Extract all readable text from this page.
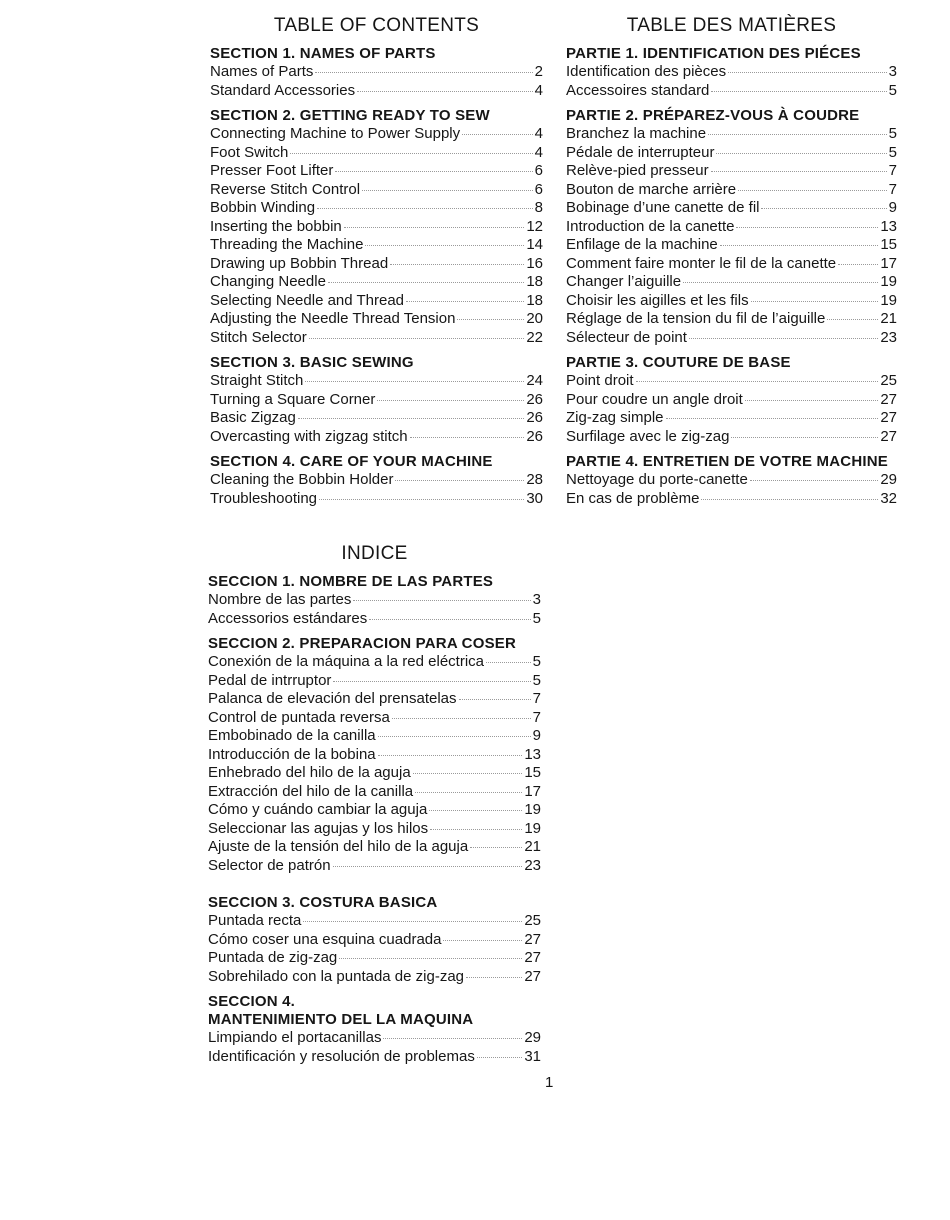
TABLE OF CONTENTS
SECTION 1. NAMES OF PARTS
Names of Parts	2
Standard Accessories	4
SECTION 2. GETTING READY TO SEW
Connecting Machine to Power Supply	4
Foot Switch	4
Presser Foot Lifter	6
Reverse Stitch Control	6
Bobbin Winding	8
Inserting the bobbin	12
Threading the Machine	14
Drawing up Bobbin Thread	16
Changing Needle	18
Selecting Needle and Thread	18
Adjusting the Needle Thread Tension	20
Stitch Selector	22
SECTION 3. BASIC SEWING
Straight Stitch	24
Turning a Square Corner	26
Basic Zigzag	26
Overcasting with zigzag stitch	26
SECTION 4. CARE OF YOUR MACHINE
Cleaning the Bobbin Holder	28
Troubleshooting	30
TABLE DES MATIÈRES
PARTIE 1. IDENTIFICATION DES PIÉCES
Identification des pièces	3
Accessoires standard	5
PARTIE 2. PRÉPAREZ-VOUS À COUDRE
Branchez la machine	5
Pédale de interrupteur	5
Relève-pied presseur	7
Bouton de marche arrière	7
Bobinage d’une canette de fil	9
Introduction de la canette	13
Enfilage de la machine	15
Comment faire monter le fil de la canette	17
Changer l’aiguille	19
Choisir les aigilles et les fils	19
Réglage de la tension du fil de l’aiguille	21
Sélecteur de point	23
PARTIE 3. COUTURE DE BASE
Point droit	25
Pour coudre un angle droit	27
Zig-zag simple	27
Surfilage avec le zig-zag	27
PARTIE 4. ENTRETIEN DE VOTRE MACHINE
Nettoyage du porte-canette	29
En cas de problème	32
INDICE
SECCION 1. NOMBRE DE LAS PARTES
Nombre de las partes	3
Accessorios estándares	5
SECCION 2. PREPARACION PARA COSER
Conexión de la máquina a la red eléctrica	5
Pedal de intrruptor	5
Palanca de elevación del prensatelas	7
Control de puntada reversa	7
Embobinado de la canilla	9
Introducción de la bobina	13
Enhebrado del hilo de la aguja	15
Extracción del hilo de la canilla	17
Cómo y cuándo cambiar la aguja	19
Seleccionar las agujas y los hilos	19
Ajuste de la tensión del hilo de la aguja	21
Selector de patrón	23
SECCION 3. COSTURA BASICA
Puntada recta	25
Cómo coser una esquina cuadrada	27
Puntada de zig-zag	27
Sobrehilado con la puntada de zig-zag	27
SECCION 4.
MANTENIMIENTO DEL LA MAQUINA
Limpiando el portacanillas	29
Identificación y resolución de problemas	31
1
